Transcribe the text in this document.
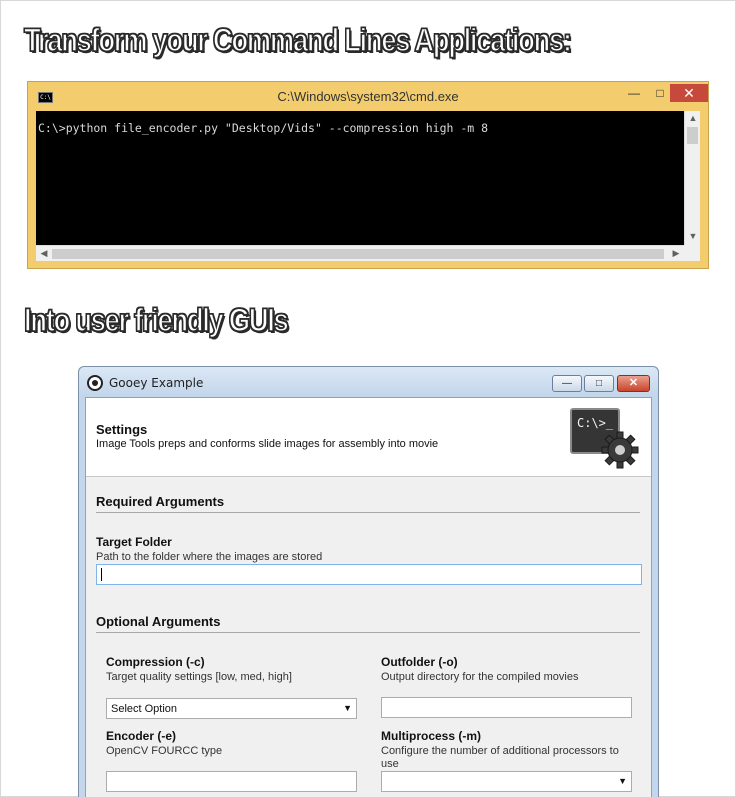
Transform your Command Lines Applications:
C:\	C:\Windows\system32\cmd.exe	—	□	✕
C:\>python file_encoder.py "Desktop/Vids" --compression high -m 8
▲
▼
◀	▶
Into user friendly GUIs
Gooey Example	—	□	✕
Settings
Image Tools preps and conforms slide images for assembly into movie
C:\>_
Required Arguments
Target Folder
Path to the folder where the images are stored
Optional Arguments
Compression (-c)
Target quality settings [low, med, high]
Select Option	▼
Outfolder (-o)
Output directory for the compiled movies
Encoder (-e)
OpenCV FOURCC type
Multiprocess (-m)
Configure the number of additional processors to use
▼
